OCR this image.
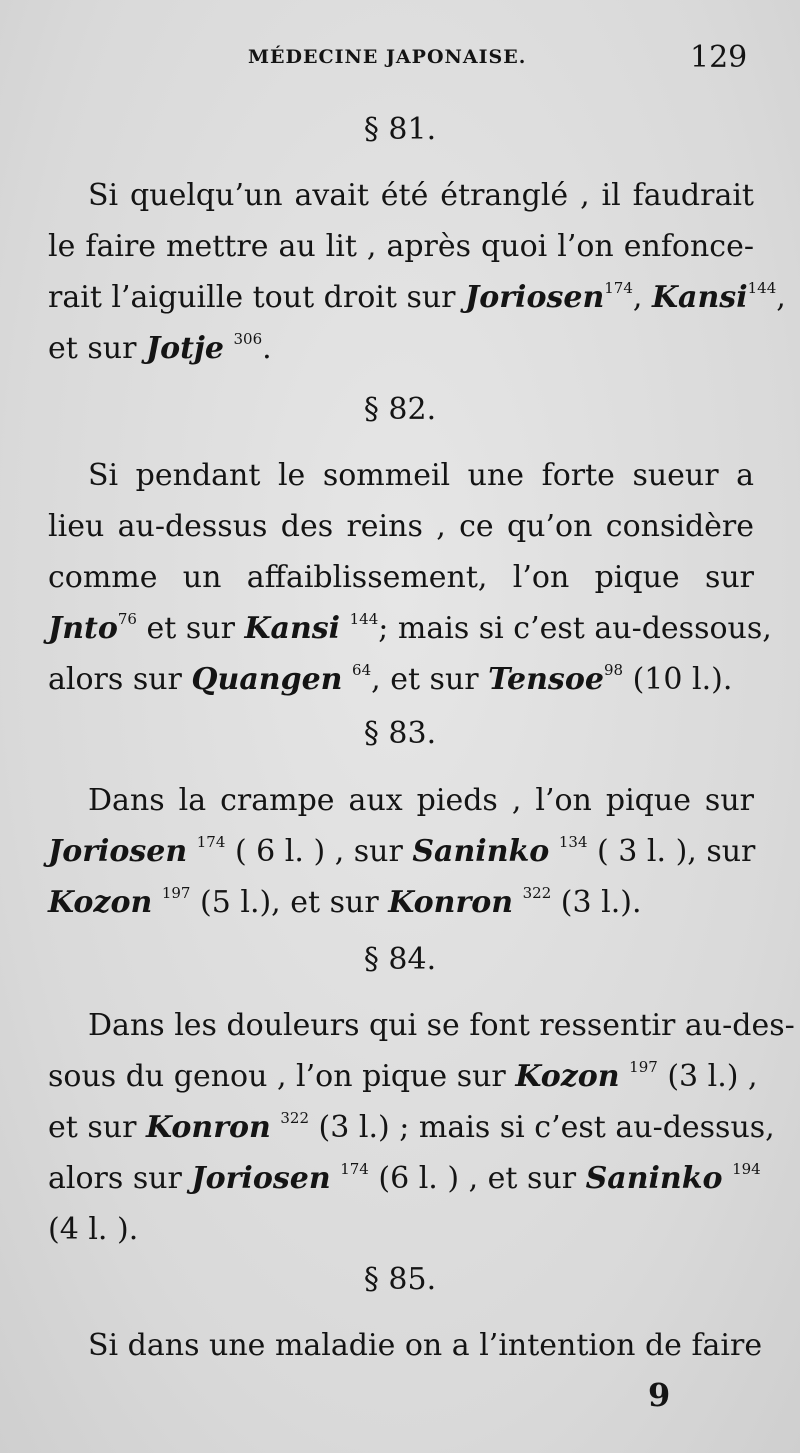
MÉDECINE JAPONAISE.	129
§ 81.
Si quelqu’un avait été étranglé , il faudrait
le faire mettre au lit , après quoi l’on enfonce-
rait l’aiguille tout droit sur Joriosen$^{174}$, Kansi$^{144}$,
et sur Jotje $^{306}$.
§ 82.
Si pendant le sommeil une forte sueur a
lieu au-dessus des reins , ce qu’on considère
comme un affaiblissement, l’on pique sur
Jnto$^{76}$ et sur Kansi $^{144}$; mais si c’est au-dessous,
alors sur Quangen $^{64}$, et sur Tensoe$^{98}$ (10 l.).
§ 83.
Dans la crampe aux pieds , l’on pique sur
Joriosen $^{174}$ ( 6 l. ) , sur Saninko $^{134}$ ( 3 l. ), sur
Kozon $^{197}$ (5 l.), et sur Konron $^{322}$ (3 l.).
§ 84.
Dans les douleurs qui se font ressentir au-des-
sous du genou , l’on pique sur Kozon $^{197}$ (3 l.) ,
et sur Konron $^{322}$ (3 l.) ; mais si c’est au-dessus,
alors sur Joriosen $^{174}$ (6 l. ) , et sur Saninko $^{194}$
(4 l. ).
§ 85.
Si dans une maladie on a l’intention de faire
9
